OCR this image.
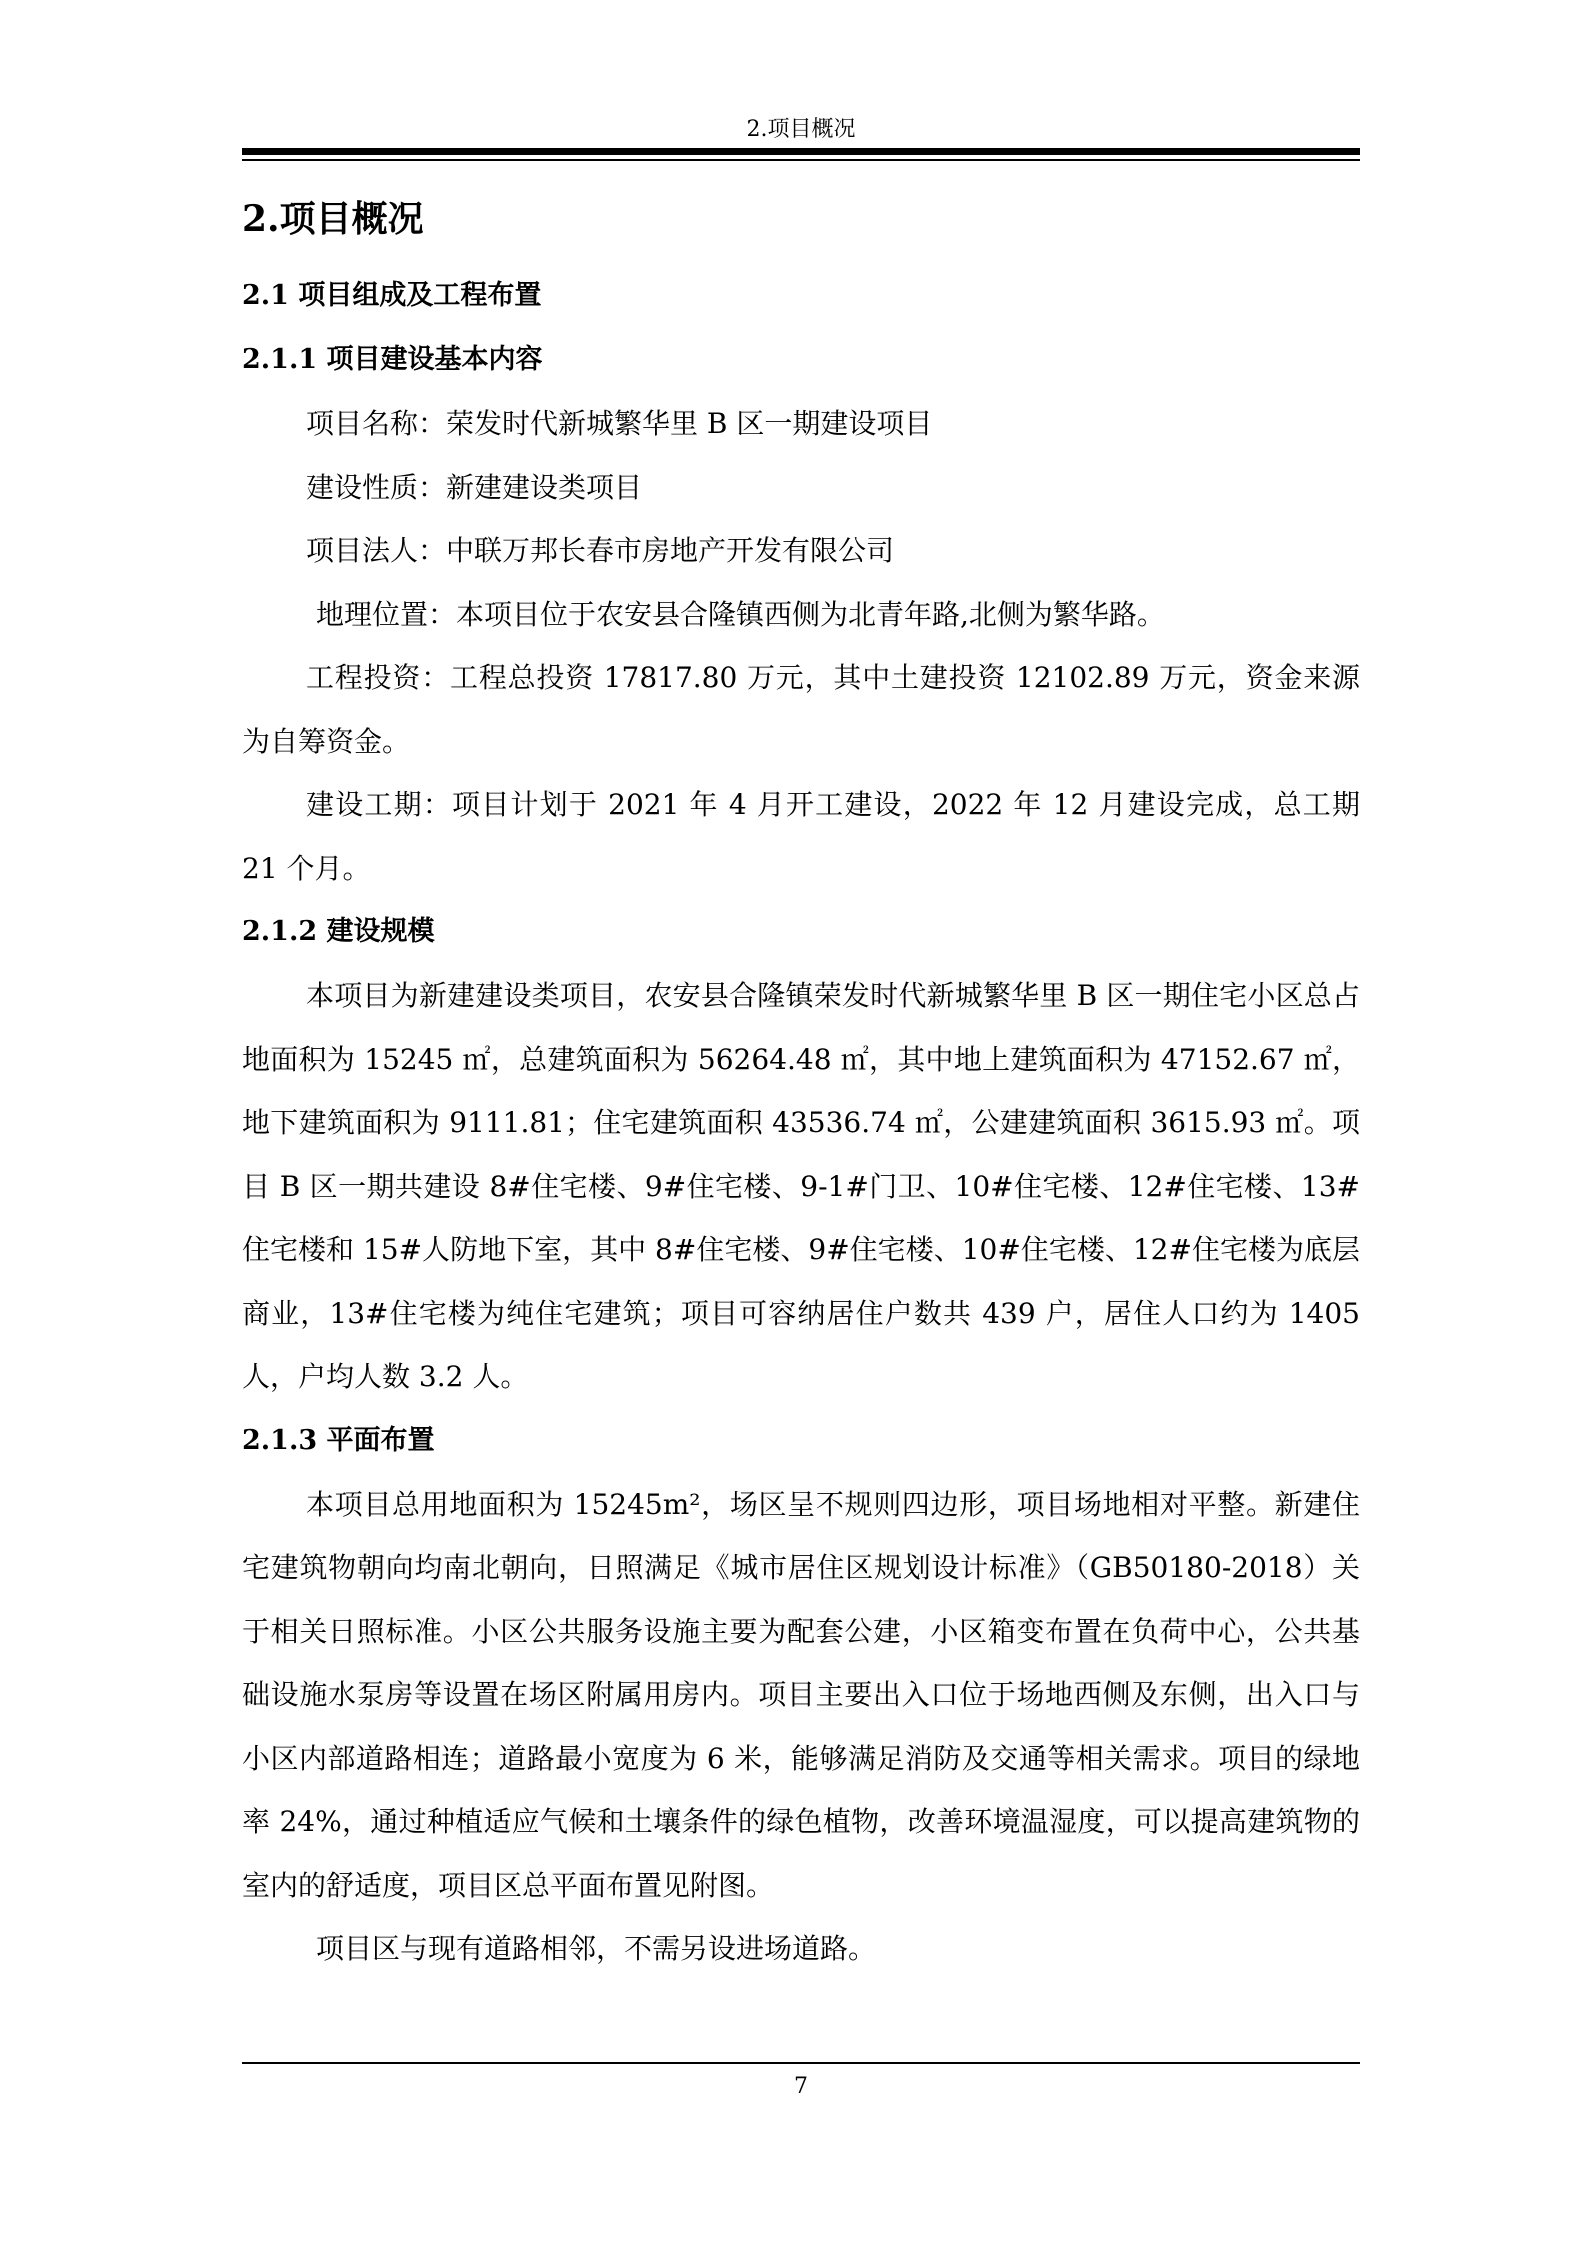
2.项目概况
2.项目概况
2.1 项目组成及工程布置
2.1.1 项目建设基本内容

项目名称：荣发时代新城繁华里 B 区一期建设项目

建设性质：新建建设类项目

项目法人：中联万邦长春市房地产开发有限公司

地理位置：本项目位于农安县合隆镇西侧为北青年路,北侧为繁华路。

工程投资：工程总投资 17817.80 万元，其中土建投资 12102.89 万元，资金来源为自筹资金。

建设工期：项目计划于 2021 年 4 月开工建设，2022 年 12 月建设完成，总工期 21 个月。

2.1.2 建设规模

本项目为新建建设类项目，农安县合隆镇荣发时代新城繁华里 B 区一期住宅小区总占地面积为 15245 ㎡，总建筑面积为 56264.48 ㎡，其中地上建筑面积为 47152.67 ㎡，地下建筑面积为 9111.81；住宅建筑面积 43536.74 ㎡，公建建筑面积 3615.93 ㎡。项目 B 区一期共建设 8#住宅楼、9#住宅楼、9-1#门卫、10#住宅楼、12#住宅楼、13#住宅楼和 15#人防地下室，其中 8#住宅楼、9#住宅楼、10#住宅楼、12#住宅楼为底层商业，13#住宅楼为纯住宅建筑；项目可容纳居住户数共 439 户，居住人口约为 1405 人，户均人数 3.2 人。

2.1.3 平面布置

本项目总用地面积为 15245m²，场区呈不规则四边形，项目场地相对平整。新建住宅建筑物朝向均南北朝向，日照满足《城市居住区规划设计标准》（GB50180-2018）关于相关日照标准。小区公共服务设施主要为配套公建，小区箱变布置在负荷中心，公共基础设施水泵房等设置在场区附属用房内。项目主要出入口位于场地西侧及东侧，出入口与小区内部道路相连；道路最小宽度为 6 米，能够满足消防及交通等相关需求。项目的绿地率 24%，通过种植适应气候和土壤条件的绿色植物，改善环境温湿度，可以提高建筑物的室内的舒适度，项目区总平面布置见附图。

项目区与现有道路相邻，不需另设进场道路。

7
